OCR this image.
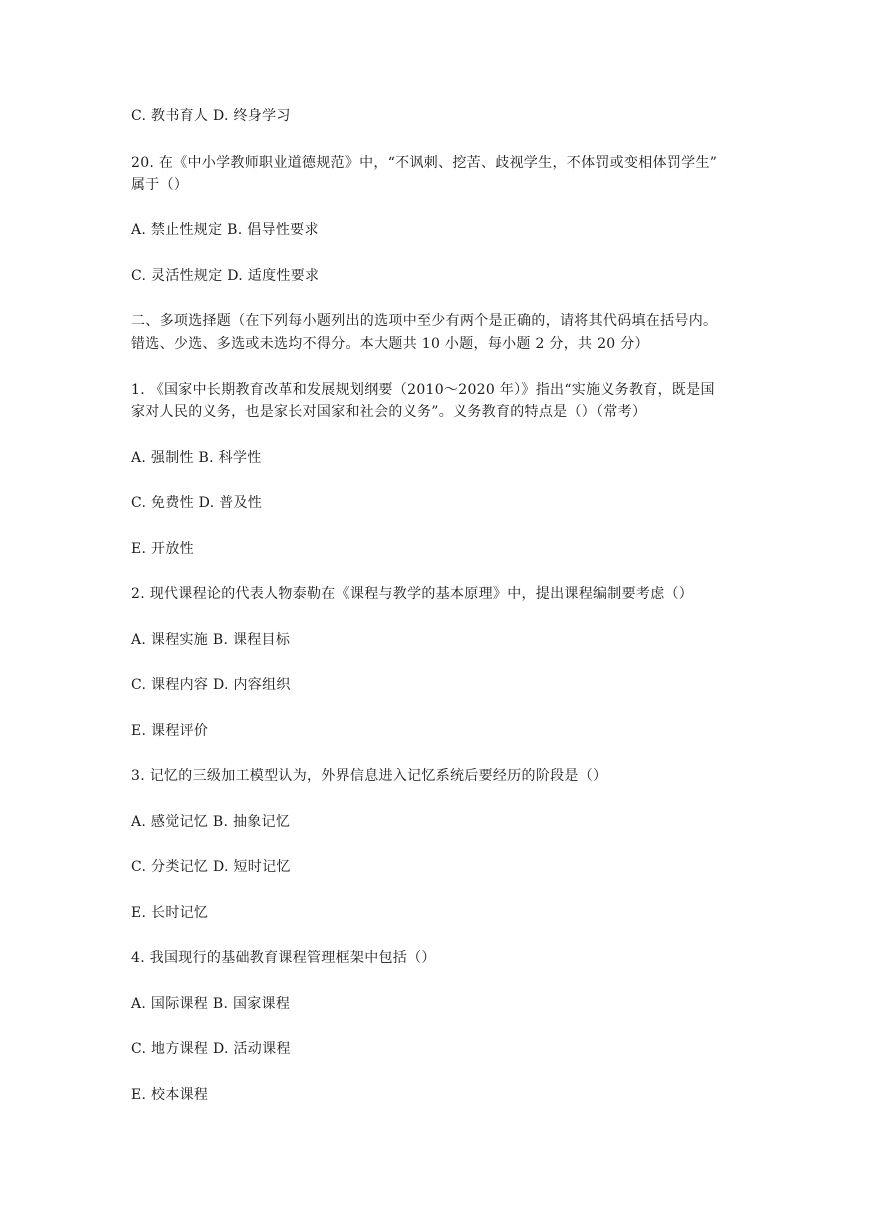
C. 教书育人 D. 终身学习
20. 在《中小学教师职业道德规范》中，“不讽刺、挖苦、歧视学生，不体罚或变相体罚学生”
属于（）
A. 禁止性规定 B. 倡导性要求
C. 灵活性规定 D. 适度性要求
二、多项选择题（在下列每小题列出的选项中至少有两个是正确的，请将其代码填在括号内。
错选、少选、多选或未选均不得分。本大题共 10 小题，每小题 2 分，共 20 分）
1. 《国家中长期教育改革和发展规划纲要（2010～2020 年）》指出“实施义务教育，既是国
家对人民的义务，也是家长对国家和社会的义务”。义务教育的特点是（）（常考）
A. 强制性 B. 科学性
C. 免费性 D. 普及性
E. 开放性
2. 现代课程论的代表人物泰勒在《课程与教学的基本原理》中，提出课程编制要考虑（）
A. 课程实施 B. 课程目标
C. 课程内容 D. 内容组织
E. 课程评价
3. 记忆的三级加工模型认为，外界信息进入记忆系统后要经历的阶段是（）
A. 感觉记忆 B. 抽象记忆
C. 分类记忆 D. 短时记忆
E. 长时记忆
4. 我国现行的基础教育课程管理框架中包括（）
A. 国际课程 B. 国家课程
C. 地方课程 D. 活动课程
E. 校本课程
